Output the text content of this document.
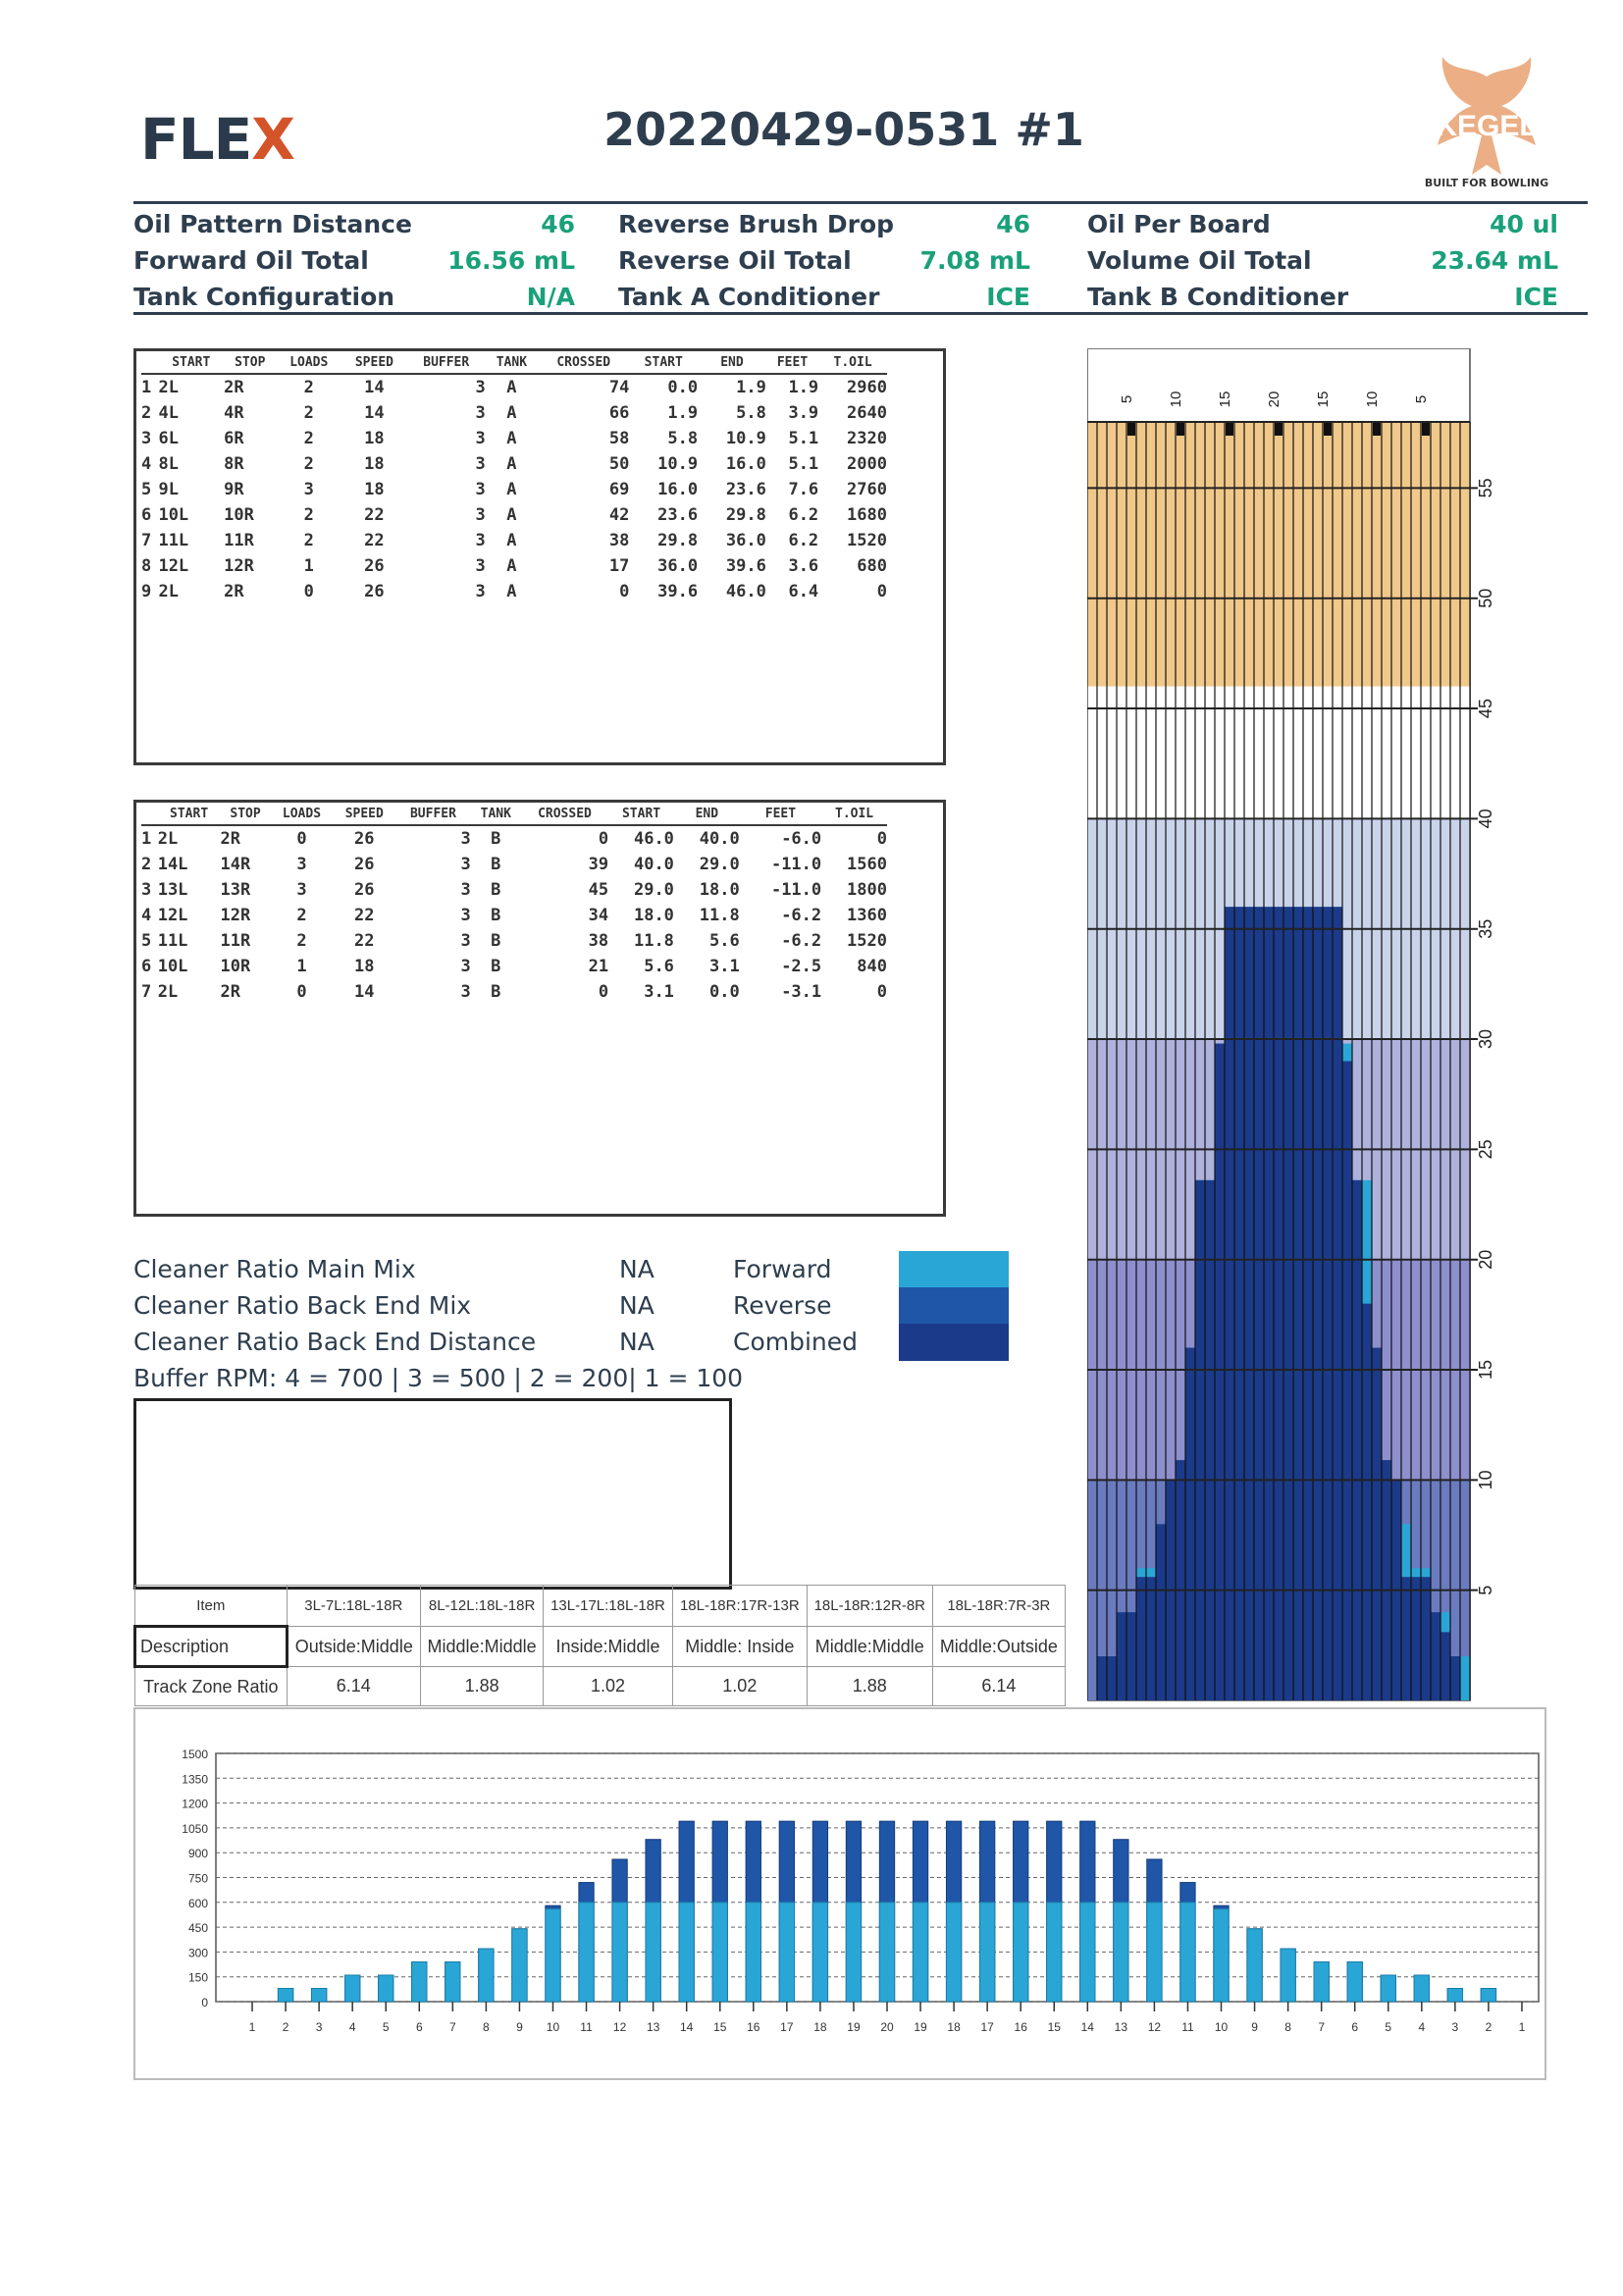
FLEX	20220429-0531 #1	KEGEL
BUILT FOR BOWLING
Oil Pattern Distance	46
Forward Oil Total	16.56 mL
Tank Configuration	N/A
Reverse Brush Drop	46
Reverse Oil Total	7.08 mL
Tank A Conditioner	ICE
Oil Per Board	40 ul
Volume Oil Total	23.64 mL
Tank B Conditioner	ICE
	START	STOP	LOADS	SPEED	BUFFER	TANK	CROSSED	START	END	FEET	T.OIL
1	2L	2R	2	14	3	A	74	0.0	1.9	1.9	2960
2	4L	4R	2	14	3	A	66	1.9	5.8	3.9	2640
3	6L	6R	2	18	3	A	58	5.8	10.9	5.1	2320
4	8L	8R	2	18	3	A	50	10.9	16.0	5.1	2000
5	9L	9R	3	18	3	A	69	16.0	23.6	7.6	2760
6	10L	10R	2	22	3	A	42	23.6	29.8	6.2	1680
7	11L	11R	2	22	3	A	38	29.8	36.0	6.2	1520
8	12L	12R	1	26	3	A	17	36.0	39.6	3.6	680
9	2L	2R	0	26	3	A	0	39.6	46.0	6.4	0
	START	STOP	LOADS	SPEED	BUFFER	TANK	CROSSED	START	END	FEET	T.OIL
1	2L	2R	0	26	3	B	0	46.0	40.0	-6.0	0
2	14L	14R	3	26	3	B	39	40.0	29.0	-11.0	1560
3	13L	13R	3	26	3	B	45	29.0	18.0	-11.0	1800
4	12L	12R	2	22	3	B	34	18.0	11.8	-6.2	1360
5	11L	11R	2	22	3	B	38	11.8	5.6	-6.2	1520
6	10L	10R	1	18	3	B	21	5.6	3.1	-2.5	840
7	2L	2R	0	14	3	B	0	3.1	0.0	-3.1	0
Cleaner Ratio Main Mix	NA
Cleaner Ratio Back End Mix	NA
Cleaner Ratio Back End Distance	NA
Buffer RPM: 4 = 700 | 3 = 500 | 2 = 200| 1 = 100
Forward
Reverse
Combined
Item	3L-7L:18L-18R	8L-12L:18L-18R	13L-17L:18L-18R	18L-18R:17R-13R	18L-18R:12R-8R	18L-18R:7R-3R
Description	Outside:Middle	Middle:Middle	Inside:Middle	Middle: Inside	Middle:Middle	Middle:Outside
Track Zone Ratio	6.14	1.88	1.02	1.02	1.88	6.14
55
50
45
40
35
30
25
20
15
10
5
5 10 15 20 15 10 5
0
150
300
450
600
750
900
1050
1200
1350
1500
1 2 3 4 5 6 7 8 9 10 11 12 13 14 15 16 17 18 19 20 19 18 17 16 15 14 13 12 11 10 9 8 7 6 5 4 3 2 1
